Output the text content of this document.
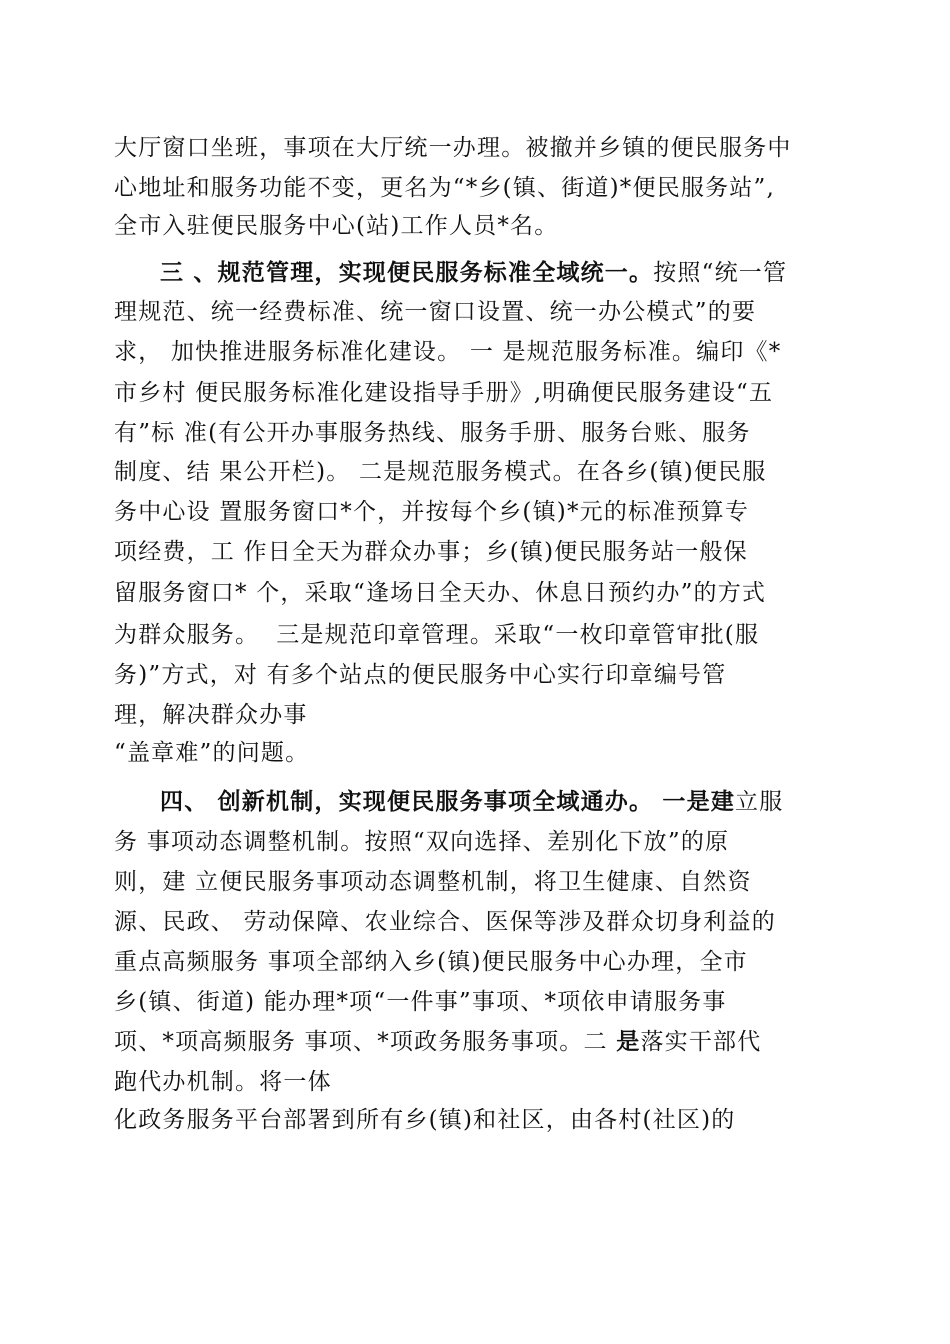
大厅窗口坐班，事项在大厅统一办理。被撤并乡镇的便民服务中
心地址和服务功能不变，更名为“*乡(镇、街道)*便民服务站”,
全市入驻便民服务中心(站)工作人员*名。
三 、规范管理，实现便民服务标准全域统一。按照“统一管
理规范、统一经费标准、统一窗口设置、统一办公模式”的要
求， 加快推进服务标准化建设。 一 是规范服务标准。编印《*
市乡村 便民服务标准化建设指导手册》,明确便民服务建设“五
有”标 准(有公开办事服务热线、服务手册、服务台账、服务
制度、结 果公开栏)。 二是规范服务模式。在各乡(镇)便民服
务中心设 置服务窗口*个，并按每个乡(镇)*元的标准预算专
项经费，工 作日全天为群众办事；乡(镇)便民服务站一般保
留服务窗口* 个，采取“逢场日全天办、休息日预约办”的方式
为群众服务。  三是规范印章管理。采取“一枚印章管审批(服
务)”方式，对 有多个站点的便民服务中心实行印章编号管
理，解决群众办事
“盖章难”的问题。
四、 创新机制，实现便民服务事项全域通办。 一是建立服
务 事项动态调整机制。按照“双向选择、差别化下放”的原
则，建 立便民服务事项动态调整机制，将卫生健康、自然资
源、民政、 劳动保障、农业综合、医保等涉及群众切身利益的
重点高频服务 事项全部纳入乡(镇)便民服务中心办理，全市
乡(镇、街道) 能办理*项“一件事”事项、*项依申请服务事
项、*项高频服务 事项、*项政务服务事项。二 是落实干部代
跑代办机制。将一体
化政务服务平台部署到所有乡(镇)和社区，由各村(社区)的
